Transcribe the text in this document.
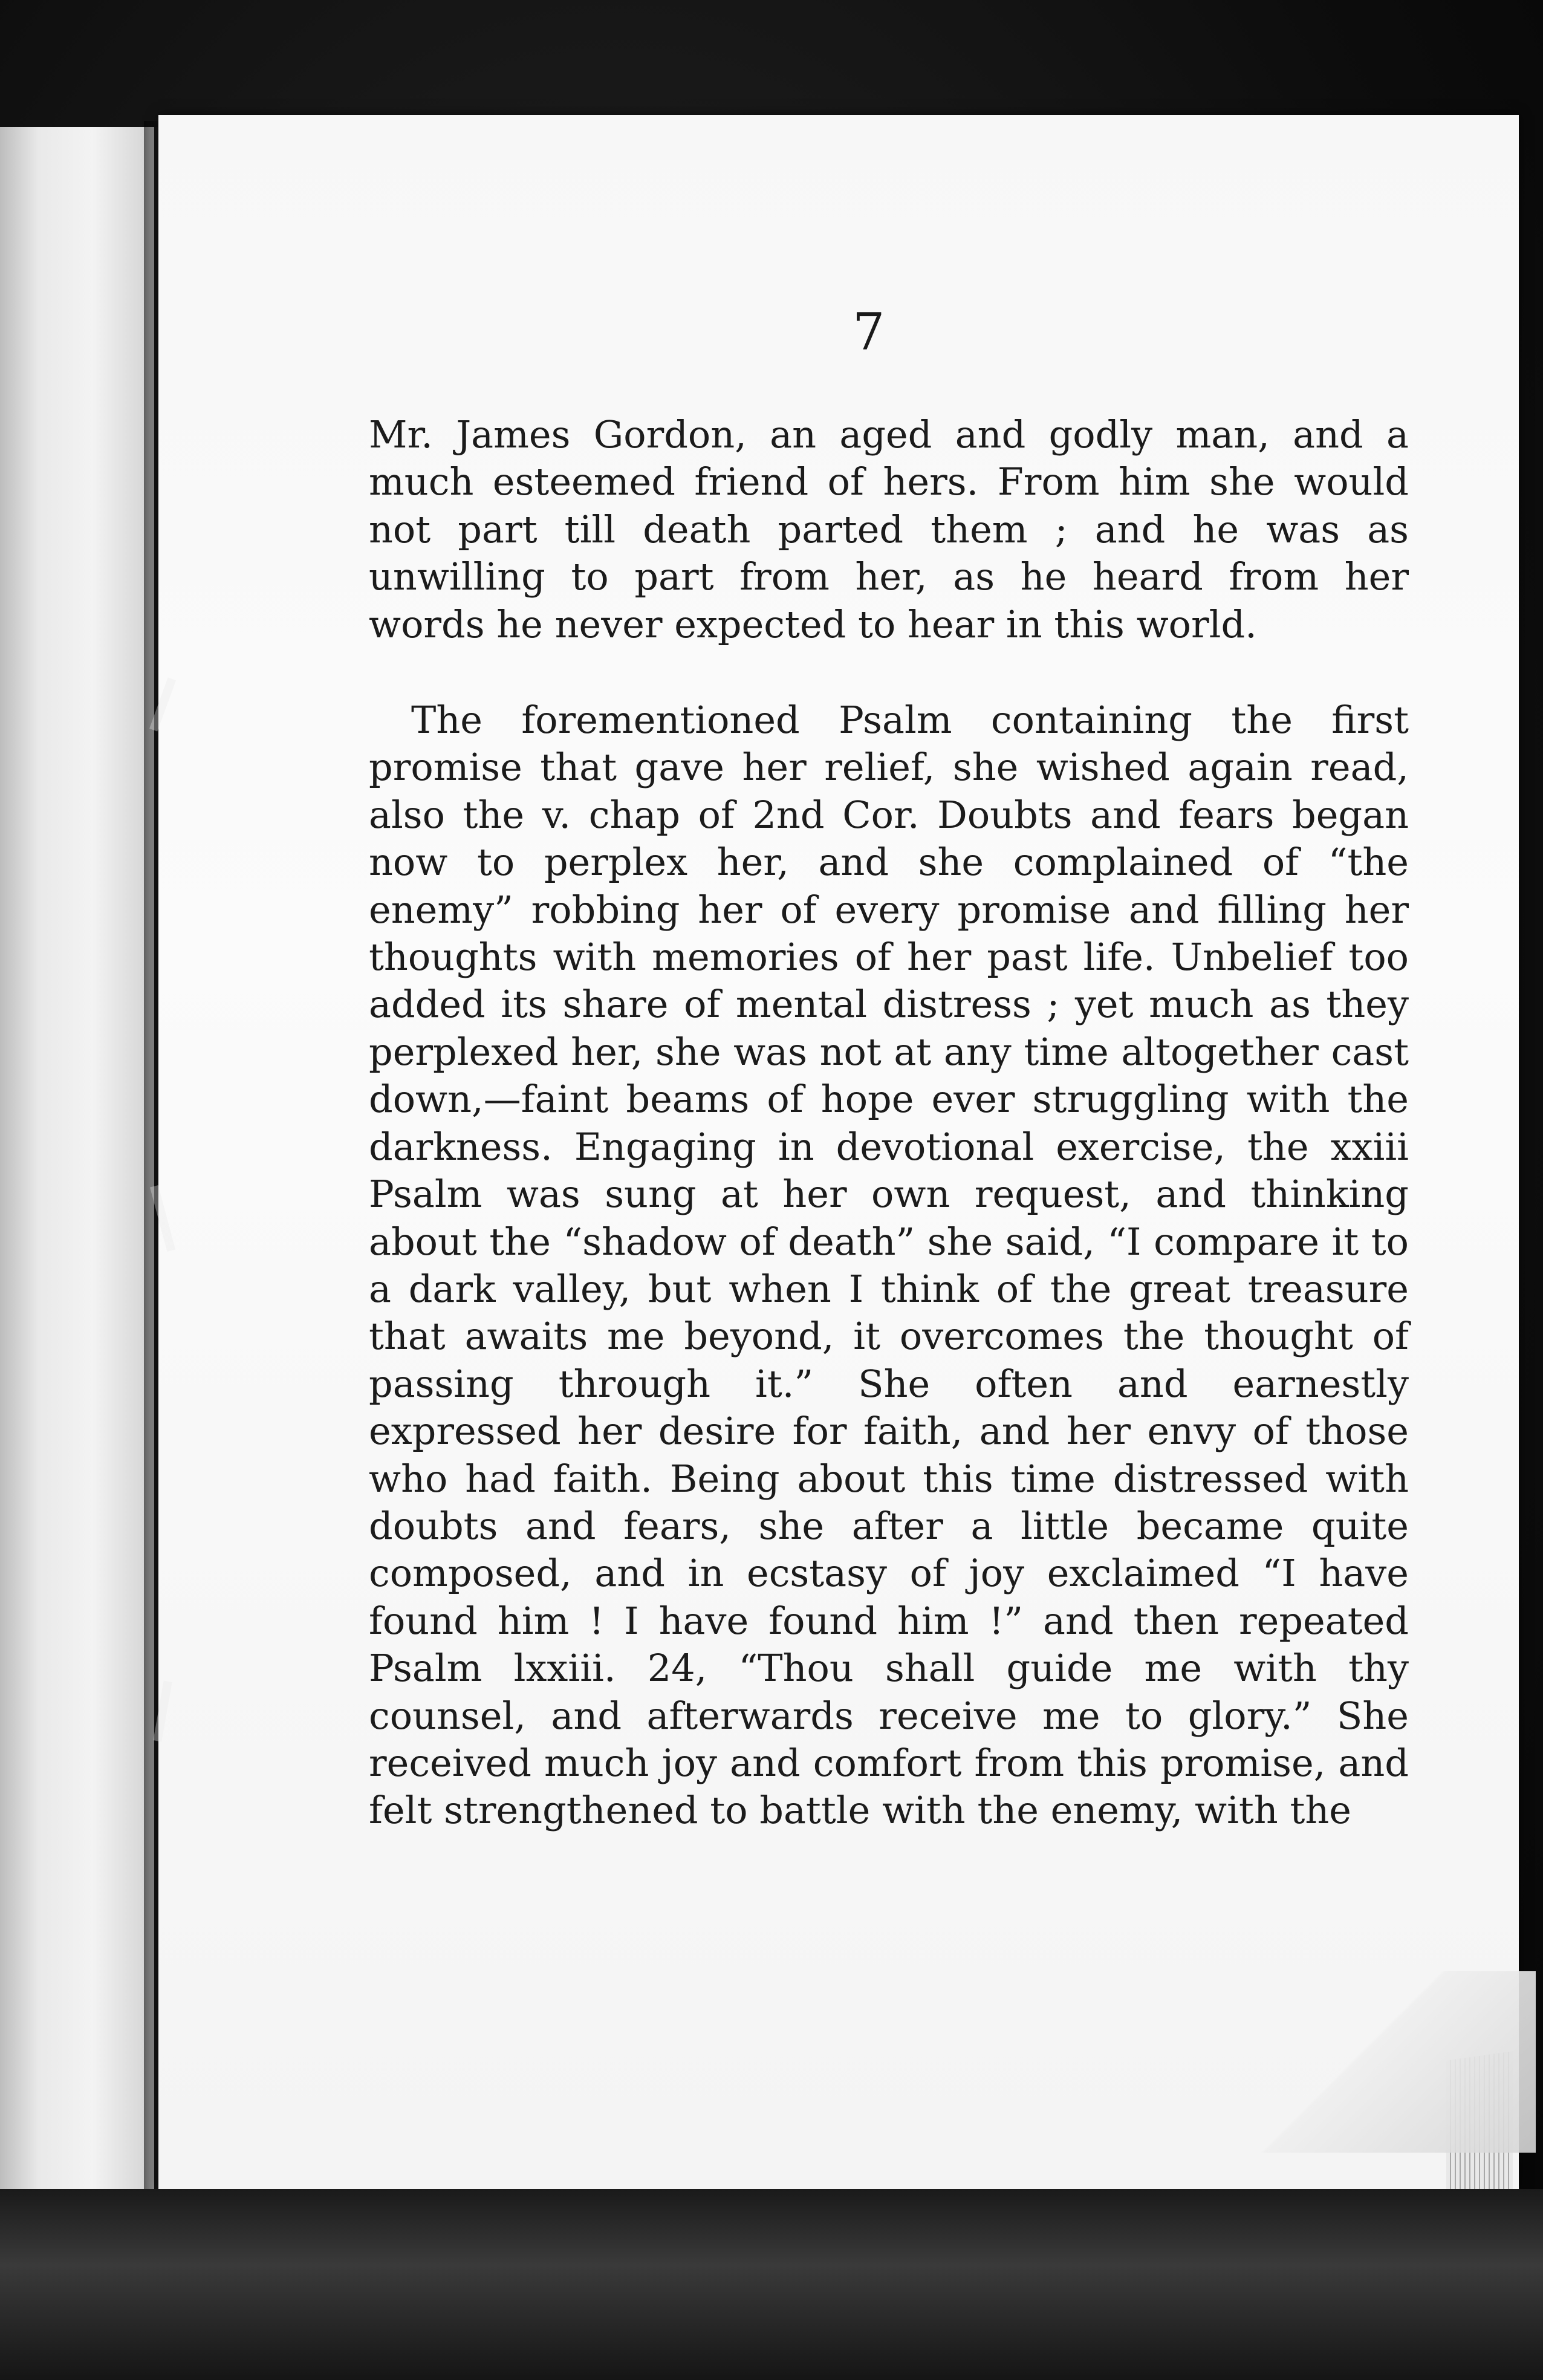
7

Mr. James Gordon, an aged and godly man, and a much esteemed friend of hers. From him she would not part till death parted them ; and he was as unwilling to part from her, as he heard from her words he never expected to hear in this world.

The forementioned Psalm containing the first promise that gave her relief, she wished again read, also the v. chap of 2nd Cor. Doubts and fears began now to perplex her, and she complained of “the enemy” robbing her of every promise and filling her thoughts with memories of her past life. Unbelief too added its share of mental distress ; yet much as they perplexed her, she was not at any time altogether cast down,—faint beams of hope ever struggling with the darkness. Engaging in devotional exercise, the xxiii Psalm was sung at her own request, and thinking about the “shadow of death” she said, “I compare it to a dark valley, but when I think of the great treasure that awaits me beyond, it overcomes the thought of passing through it.” She often and earnestly expressed her desire for faith, and her envy of those who had faith. Being about this time distressed with doubts and fears, she after a little became quite composed, and in ecstasy of joy exclaimed “I have found him ! I have found him !” and then repeated Psalm lxxiii. 24, “Thou shall guide me with thy counsel, and afterwards receive me to glory.” She received much joy and comfort from this promise, and felt strengthened to battle with the enemy, with the
